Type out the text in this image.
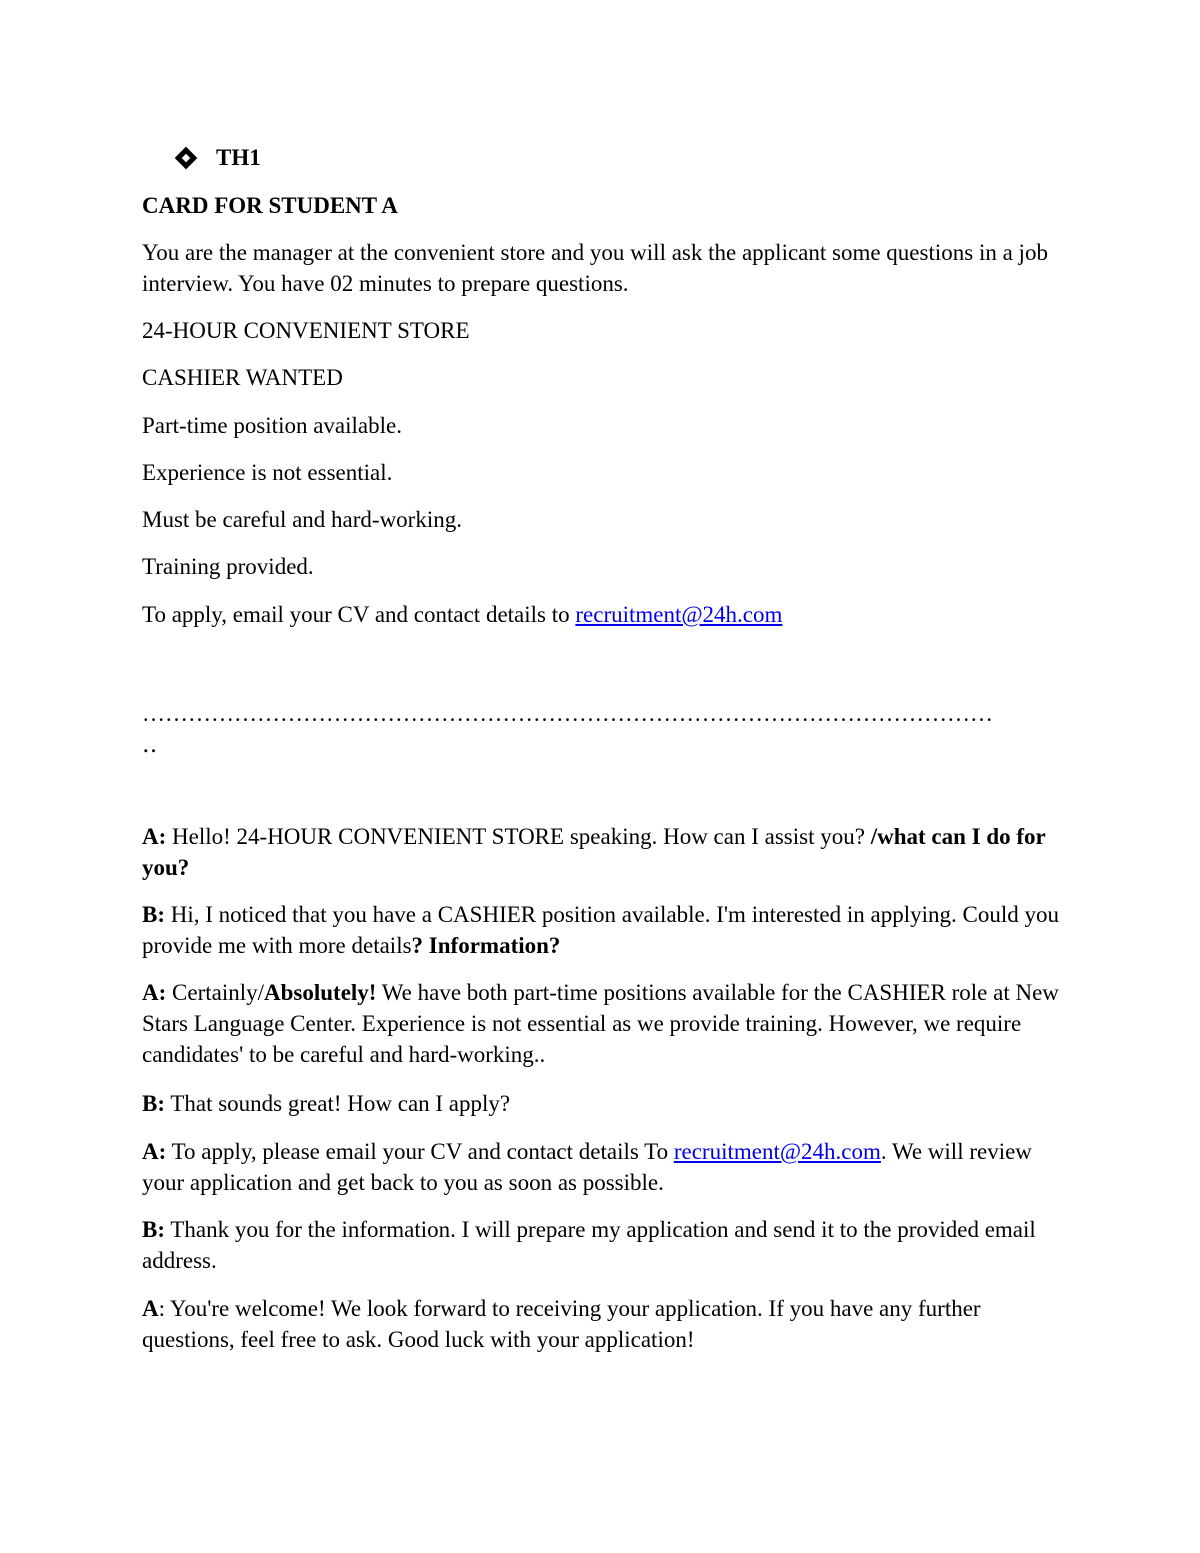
TH1

CARD FOR STUDENT A

You are the manager at the convenient store and you will ask the applicant some questions in a job interview. You have 02 minutes to prepare questions.

24-HOUR CONVENIENT STORE

CASHIER WANTED

Part-time position available.

Experience is not essential.

Must be careful and hard-working.

Training provided.

To apply, email your CV and contact details to recruitment@24h.com

…………………………………………………………………………………………………

‥

A: Hello! 24-HOUR CONVENIENT STORE speaking. How can I assist you? /what can I do for you?

B: Hi, I noticed that you have a CASHIER position available. I'm interested in applying. Could you provide me with more details? Information?

A: Certainly/Absolutely! We have both part-time positions available for the CASHIER role at New Stars Language Center. Experience is not essential as we provide training. However, we require candidates' to be careful and hard-working..

B: That sounds great! How can I apply?

A: To apply, please email your CV and contact details To recruitment@24h.com. We will review your application and get back to you as soon as possible.

B: Thank you for the information. I will prepare my application and send it to the provided email address.

A: You're welcome! We look forward to receiving your application. If you have any further questions, feel free to ask. Good luck with your application!
